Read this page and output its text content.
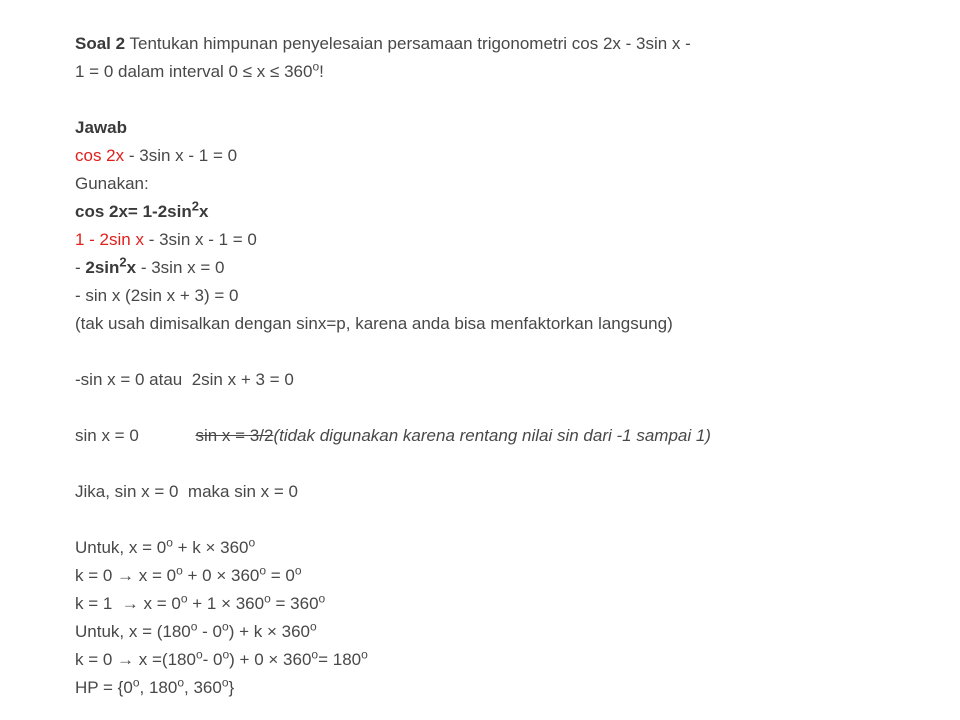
Soal 2 Tentukan himpunan penyelesaian persamaan trigonometri cos 2x - 3sin x -
1 = 0 dalam interval $0 \le x \le 360^o$!
Jawab
cos 2x - 3sin x - 1 = 0
Gunakan:
$\cos 2x= 1-2\sin^2x$
1 - 2sin x - 3sin x - 1 = 0
- $2\sin^2x - 3\sin$ x = 0
- sin x (2sin x + 3) = 0
(tak usah dimisalkan dengan sinx=p, karena anda bisa menfaktorkan langsung)
-sin x = 0 atau  2sin x + 3 = 0
sin x = 0            sin x = 3/2(tidak digunakan karena rentang nilai sin dari -1 sampai 1)
Jika, sin x = 0  maka sin x = 0
Untuk, $x = 0^o + k \times 360^o$
$k = 0 \to x = 0^o + 0 \times 360^o = 0^o$
$k = 1 \to x = 0^o + 1 \times 360^o = 360^o$
Untuk, $x = (180^o - 0^o) + k \times 360^o$
$k = 0 \to x =(180^o-$ $0^o) + 0 \times 360^o= 180^o$
HP = {$0^o$, 180$^o$, 360$^o$}
